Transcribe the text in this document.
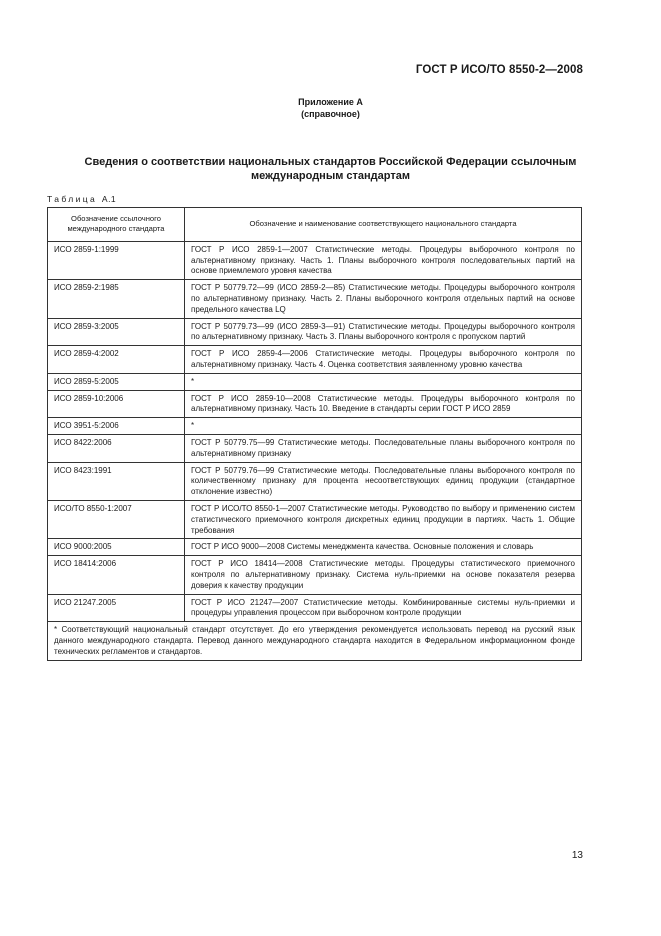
ГОСТ Р ИСО/ТО 8550-2—2008
Приложение А
(справочное)
Сведения о соответствии национальных стандартов Российской Федерации ссылочным международным стандартам
Таблица А.1
Обозначение ссылочного международного стандарта	Обозначение и наименование соответствующего национального стандарта
ИСО 2859-1:1999	ГОСТ Р ИСО 2859-1—2007 Статистические методы. Процедуры выборочного контроля по альтернативному признаку. Часть 1. Планы выборочного контроля последовательных партий на основе приемлемого уровня качества
ИСО 2859-2:1985	ГОСТ Р 50779.72—99 (ИСО 2859-2—85) Статистические методы. Процедуры выборочного контроля по альтернативному признаку. Часть 2. Планы выборочного контроля отдельных партий на основе предельного качества LQ
ИСО 2859-3:2005	ГОСТ Р 50779.73—99 (ИСО 2859-3—91) Статистические методы. Процедуры выборочного контроля по альтернативному признаку. Часть 3. Планы выборочного контроля с пропуском партий
ИСО 2859-4:2002	ГОСТ Р ИСО 2859-4—2006 Статистические методы. Процедуры выборочного контроля по альтернативному признаку. Часть 4. Оценка соответствия заявленному уровню качества
ИСО 2859-5:2005	*
ИСО 2859-10:2006	ГОСТ Р ИСО 2859-10—2008 Статистические методы. Процедуры выборочного контроля по альтернативному признаку. Часть 10. Введение в стандарты серии ГОСТ Р ИСО 2859
ИСО 3951-5:2006	*
ИСО 8422:2006	ГОСТ Р 50779.75—99 Статистические методы. Последовательные планы выборочного контроля по альтернативному признаку
ИСО 8423:1991	ГОСТ Р 50779.76—99 Статистические методы. Последовательные планы выборочного контроля по количественному признаку для процента несоответствующих единиц продукции (стандартное отклонение известно)
ИСО/ТО 8550-1:2007	ГОСТ Р ИСО/ТО 8550-1—2007 Статистические методы. Руководство по выбору и применению систем статистического приемочного контроля дискретных единиц продукции в партиях. Часть 1. Общие требования
ИСО 9000:2005	ГОСТ Р ИСО 9000—2008 Системы менеджмента качества. Основные положения и словарь
ИСО 18414:2006	ГОСТ Р ИСО 18414—2008 Статистические методы. Процедуры статистического приемочного контроля по альтернативному признаку. Система нуль-приемки на основе показателя резерва доверия к качеству продукции
ИСО 21247.2005	ГОСТ Р ИСО 21247—2007 Статистические методы. Комбинированные системы нуль-приемки и процедуры управления процессом при выборочном контроле продукции
* Соответствующий национальный стандарт отсутствует. До его утверждения рекомендуется использовать перевод на русский язык данного международного стандарта. Перевод данного международного стандарта находится в Федеральном информационном фонде технических регламентов и стандартов.	
13
